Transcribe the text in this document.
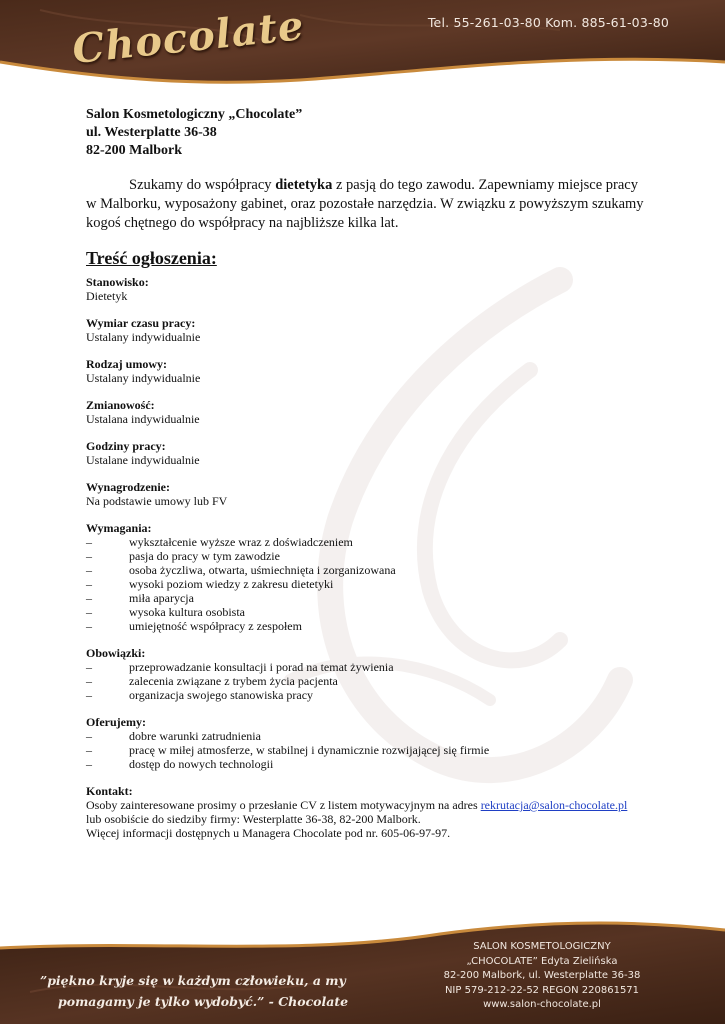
Chocolate	Tel. 55-261-03-80 Kom. 885-61-03-80

Salon Kosmetologiczny „Chocolate”
ul. Westerplatte 36-38
82-200 Malbork

Szukamy do współpracy dietetyka z pasją do tego zawodu. Zapewniamy miejsce pracy w Malborku, wyposażony gabinet, oraz pozostałe narzędzia. W związku z powyższym szukamy kogoś chętnego do współpracy na najbliższe kilka lat.

Treść ogłoszenia:
Stanowisko:
Dietetyk
Wymiar czasu pracy:
Ustalany indywidualnie
Rodzaj umowy:
Ustalany indywidualnie
Zmianowość:
Ustalana indywidualnie
Godziny pracy:
Ustalane indywidualnie
Wynagrodzenie:
Na podstawie umowy lub FV
Wymagania:
–	wykształcenie wyższe wraz z doświadczeniem
–	pasja do pracy w tym zawodzie
–	osoba życzliwa, otwarta, uśmiechnięta i zorganizowana
–	wysoki poziom wiedzy z zakresu dietetyki
–	miła aparycja
–	wysoka kultura osobista
–	umiejętność współpracy z zespołem
Obowiązki:
–	przeprowadzanie konsultacji i porad na temat żywienia
–	zalecenia związane z trybem życia pacjenta
–	organizacja swojego stanowiska pracy
Oferujemy:
–	dobre warunki zatrudnienia
–	pracę w miłej atmosferze, w stabilnej i dynamicznie rozwijającej się firmie
–	dostęp do nowych technologii
Kontakt:
Osoby zainteresowane prosimy o przesłanie CV z listem motywacyjnym na adres rekrutacja@salon-chocolate.pl
lub osobiście do siedziby firmy: Westerplatte 36-38, 82-200 Malbork.
Więcej informacji dostępnych u Managera Chocolate pod nr. 605-06-97-97.
”piękno kryje się w każdym człowieku, a my
pomagamy je tylko wydobyć.” - Chocolate
SALON KOSMETOLOGICZNY
„CHOCOLATE” Edyta Zielińska
82-200 Malbork, ul. Westerplatte 36-38
NIP 579-212-22-52 REGON 220861571
www.salon-chocolate.pl
